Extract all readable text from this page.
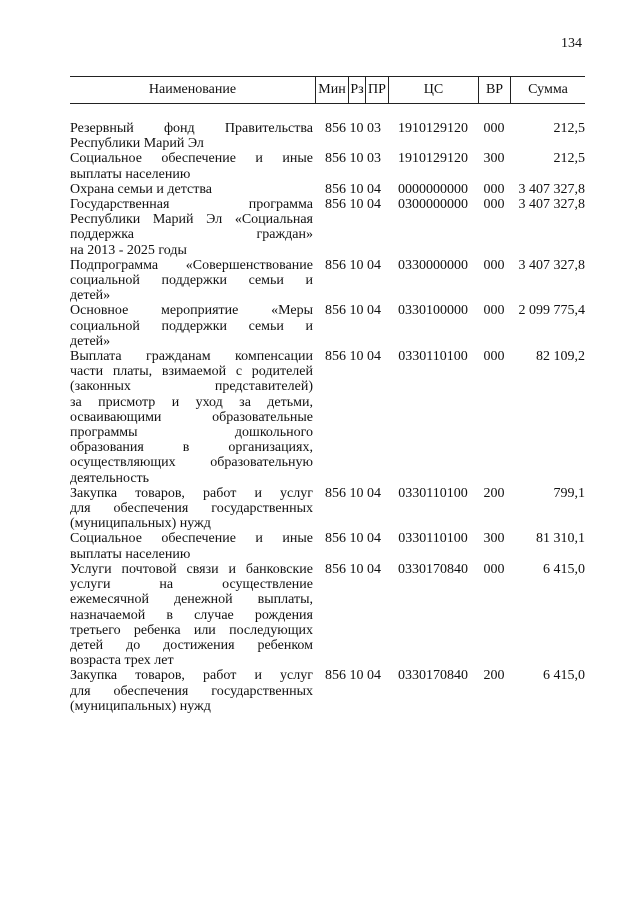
134
Наименование	Мин Рз ПР	ЦС	ВР	Сумма
Резервный фонд Правительства
Республики Марий Эл
856 10 03	1910129120	000	212,5
Социальное обеспечение и иные
выплаты населению
856 10 03	1910129120	300	212,5
Охрана семьи и детства	856 10 04	0000000000	000	3 407 327,8
Государственная программа
Республики Марий Эл «Социальная
поддержка граждан»
на 2013 - 2025 годы
856 10 04	0300000000	000	3 407 327,8
Подпрограмма «Совершенствование
социальной поддержки семьи и
детей»
856 10 04	0330000000	000	3 407 327,8
Основное мероприятие «Меры
социальной поддержки семьи и
детей»
856 10 04	0330100000	000	2 099 775,4
Выплата гражданам компенсации
части платы, взимаемой с родителей
(законных представителей)
за присмотр и уход за детьми,
осваивающими образовательные
программы дошкольного
образования в организациях,
осуществляющих образовательную
деятельность
856 10 04	0330110100	000	82 109,2
Закупка товаров, работ и услуг
для обеспечения государственных
(муниципальных) нужд
856 10 04	0330110100	200	799,1
Социальное обеспечение и иные
выплаты населению
856 10 04	0330110100	300	81 310,1
Услуги почтовой связи и банковские
услуги на осуществление
ежемесячной денежной выплаты,
назначаемой в случае рождения
третьего ребенка или последующих
детей до достижения ребенком
возраста трех лет
856 10 04	0330170840	000	6 415,0
Закупка товаров, работ и услуг
для обеспечения государственных
(муниципальных) нужд
856 10 04	0330170840	200	6 415,0
